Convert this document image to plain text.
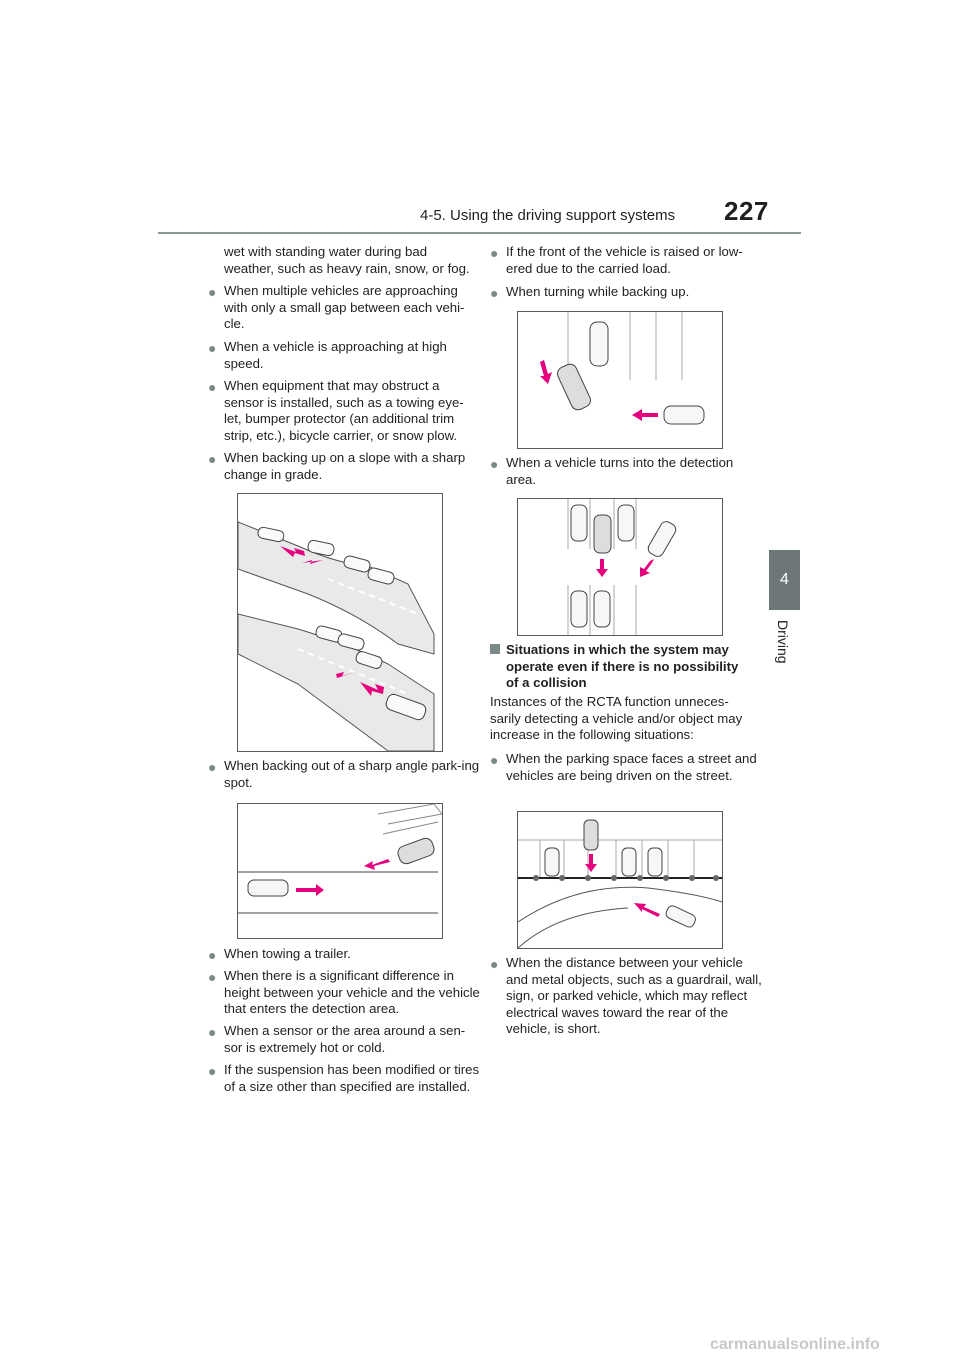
4-5. Using the driving support systems 227
4
Driving
wet with standing water during bad weather, such as heavy rain, snow, or fog.
● When multiple vehicles are approaching with only a small gap between each vehi-cle.
● When a vehicle is approaching at high speed.
● When equipment that may obstruct a sensor is installed, such as a towing eye-let, bumper protector (an additional trim strip, etc.), bicycle carrier, or snow plow.
● When backing up on a slope with a sharp change in grade.
● When backing out of a sharp angle park-ing spot.
● When towing a trailer.
● When there is a significant difference in height between your vehicle and the vehicle that enters the detection area.
● When a sensor or the area around a sen-sor is extremely hot or cold.
● If the suspension has been modified or tires of a size other than specified are installed.
● If the front of the vehicle is raised or low-ered due to the carried load.
● When turning while backing up.
● When a vehicle turns into the detection area.
Situations in which the system may operate even if there is no possibility of a collision
Instances of the RCTA function unneces-sarily detecting a vehicle and/or object may increase in the following situations:
● When the parking space faces a street and vehicles are being driven on the street.
● When the distance between your vehicle and metal objects, such as a guardrail, wall, sign, or parked vehicle, which may reflect electrical waves toward the rear of the vehicle, is short.
carmanualsonline.info
